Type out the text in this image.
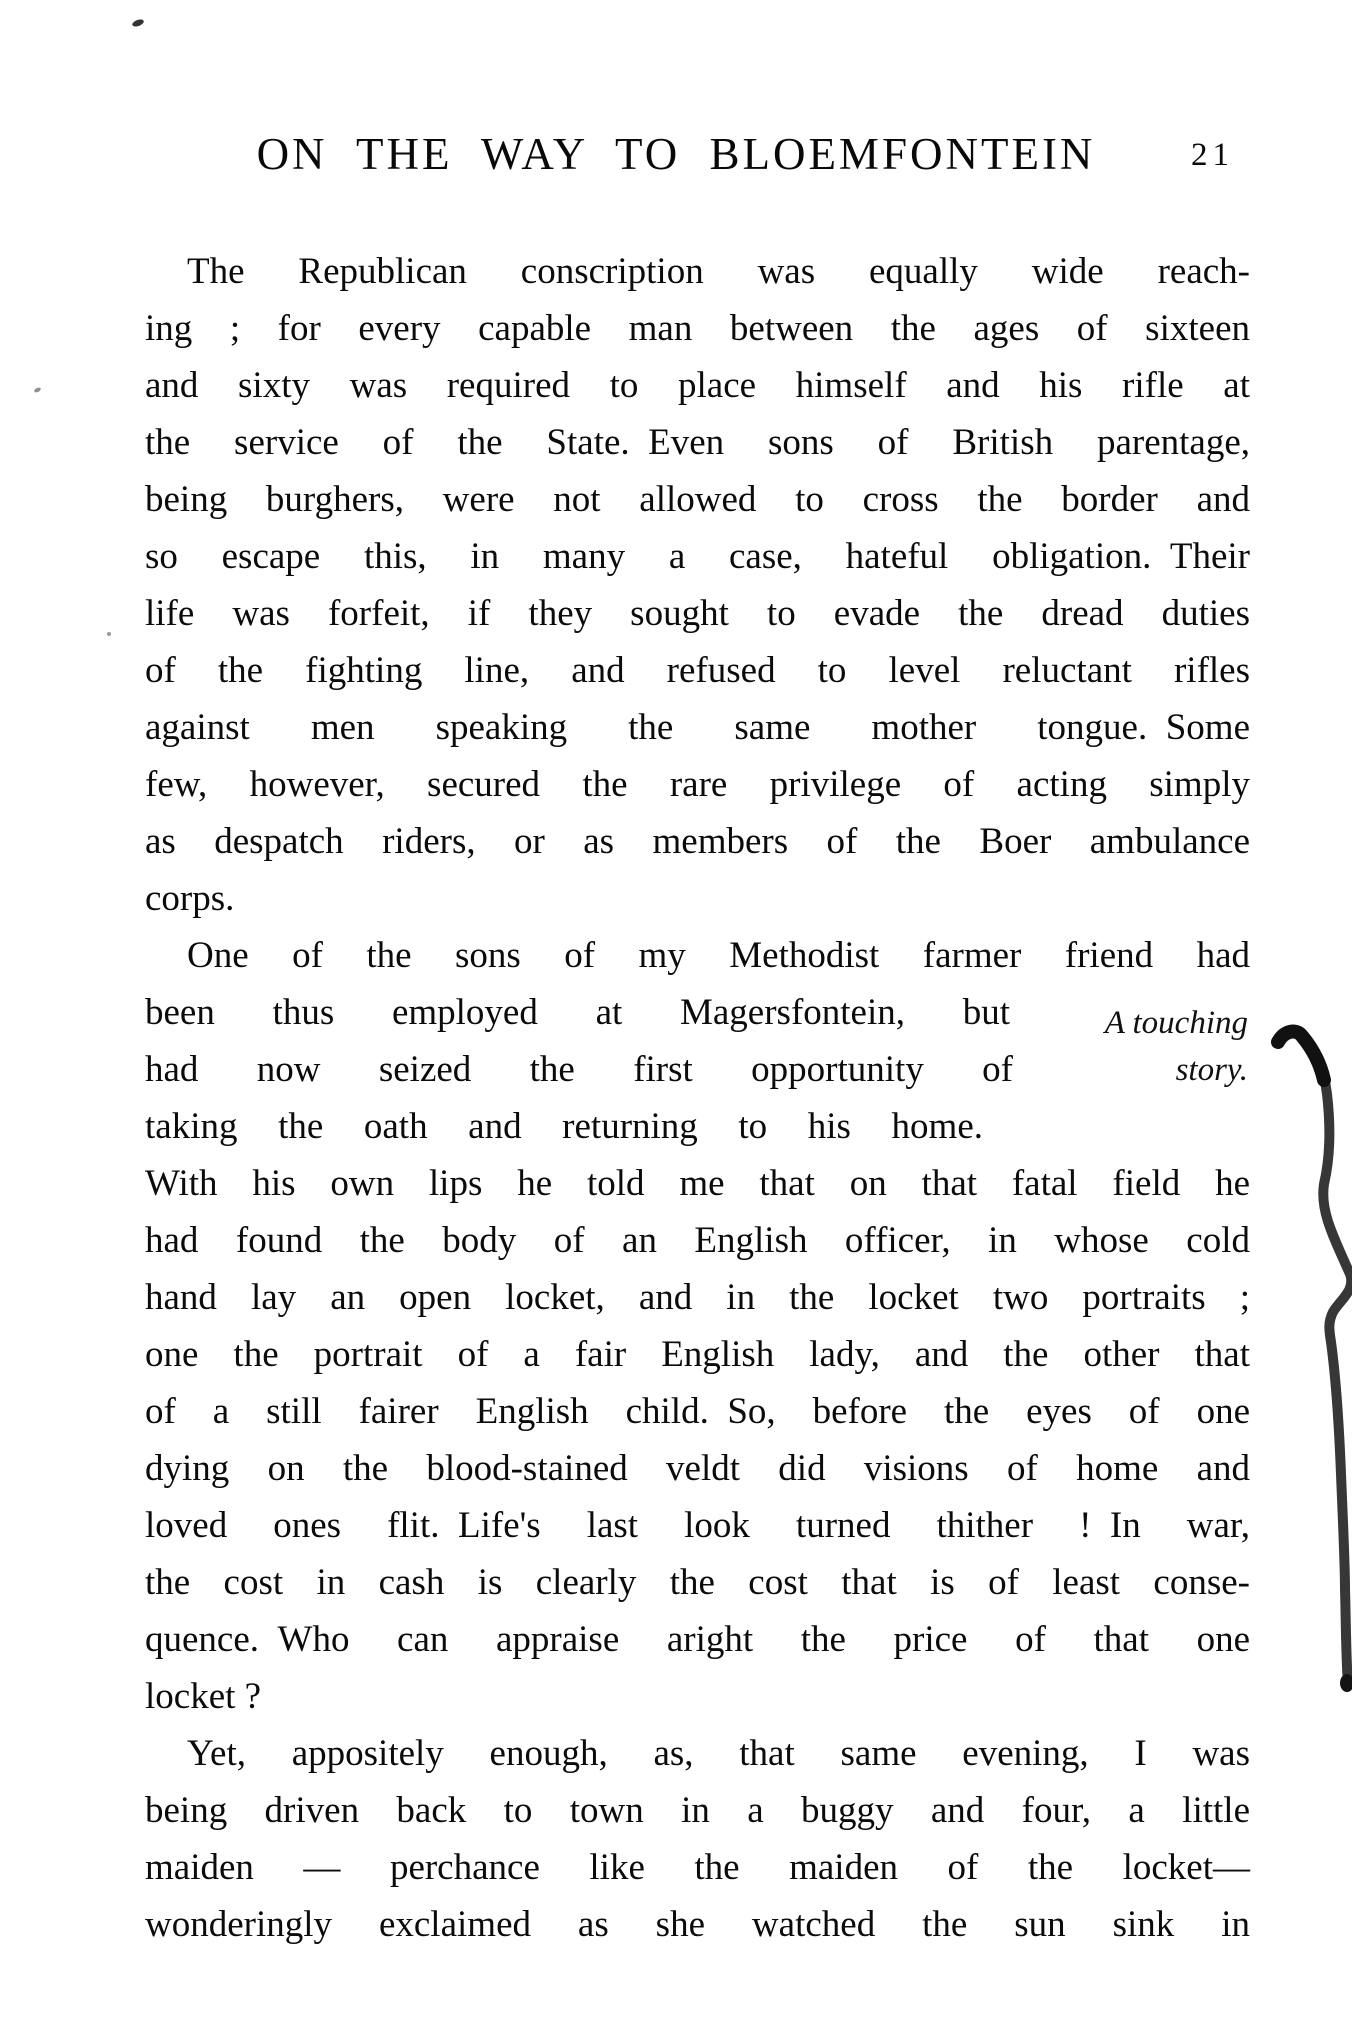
ON THE WAY TO BLOEMFONTEIN	21
The Republican conscription was equally wide reach-
ing ; for every capable man between the ages of sixteen
and sixty was required to place himself and his rifle at
the service of the State. Even sons of British parentage,
being burghers, were not allowed to cross the border and
so escape this, in many a case, hateful obligation. Their
life was forfeit, if they sought to evade the dread duties
of the fighting line, and refused to level reluctant rifles
against men speaking the same mother tongue. Some
few, however, secured the rare privilege of acting simply
as despatch riders, or as members of the Boer ambulance
corps.
One of the sons of my Methodist farmer friend had
been thus employed at Magersfontein, but
had now seized the first opportunity of
taking the oath and returning to his home.
With his own lips he told me that on that fatal field he
had found the body of an English officer, in whose cold
hand lay an open locket, and in the locket two portraits ;
one the portrait of a fair English lady, and the other that
of a still fairer English child. So, before the eyes of one
dying on the blood-stained veldt did visions of home and
loved ones flit. Life's last look turned thither ! In war,
the cost in cash is clearly the cost that is of least conse-
quence. Who can appraise aright the price of that one
locket ?
Yet, appositely enough, as, that same evening, I was
being driven back to town in a buggy and four, a little
maiden — perchance like the maiden of the locket—
wonderingly exclaimed as she watched the sun sink in
A touching
story.
